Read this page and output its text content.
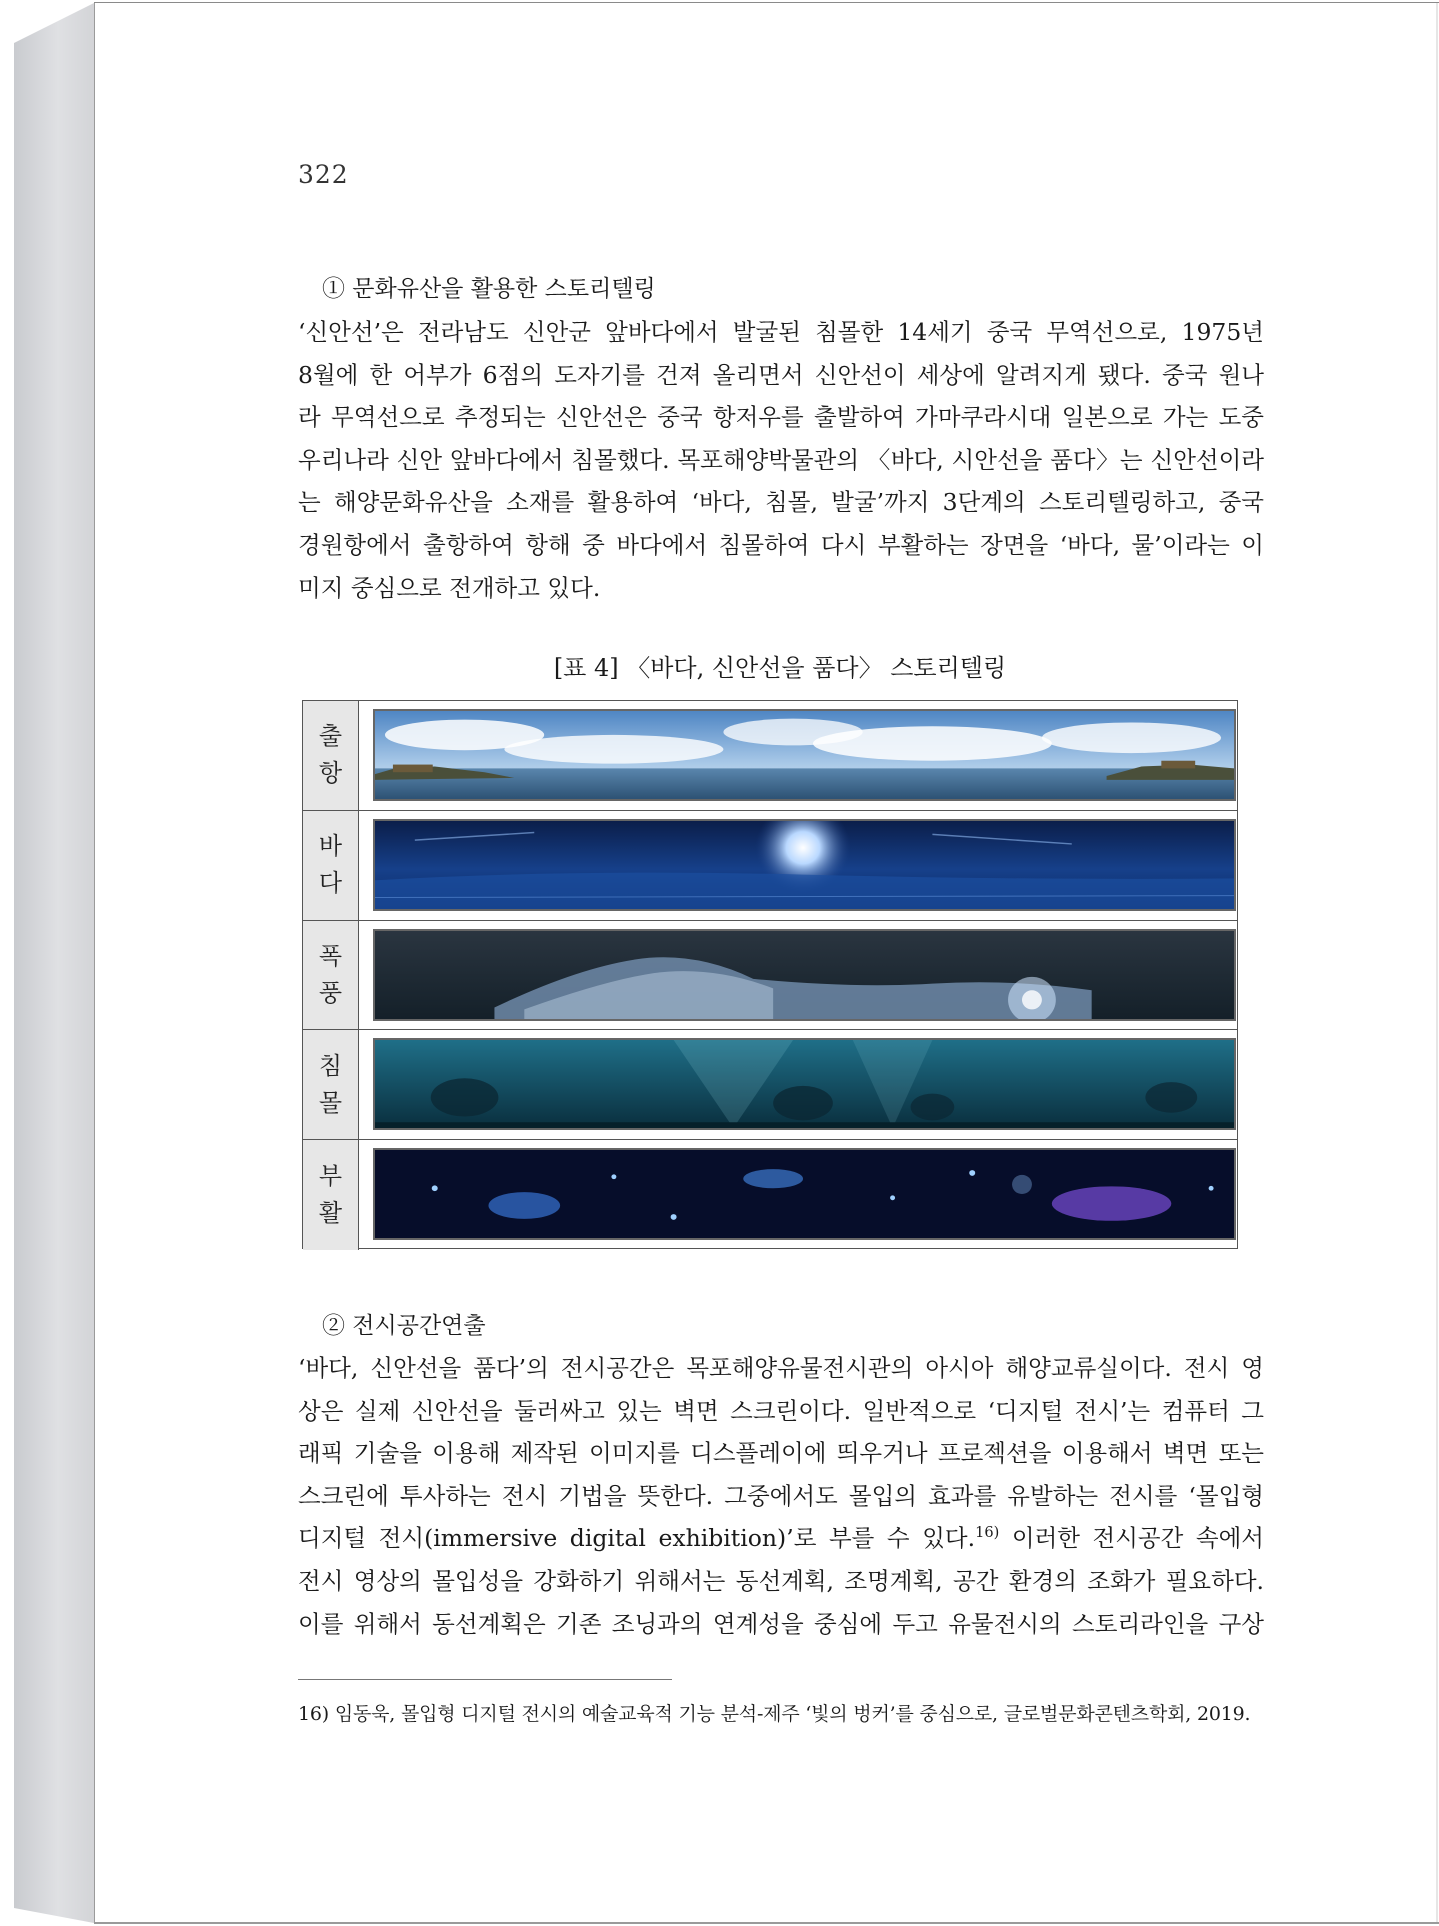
322
① 문화유산을 활용한 스토리텔링
‘신안선’은 전라남도 신안군 앞바다에서 발굴된 침몰한 14세기 중국 무역선으로, 1975년
8월에 한 어부가 6점의 도자기를 건져 올리면서 신안선이 세상에 알려지게 됐다. 중국 원나
라 무역선으로 추정되는 신안선은 중국 항저우를 출발하여 가마쿠라시대 일본으로 가는 도중
우리나라 신안 앞바다에서 침몰했다. 목포해양박물관의 〈바다, 시안선을 품다〉는 신안선이라
는 해양문화유산을 소재를 활용하여 ‘바다, 침몰, 발굴’까지 3단계의 스토리텔링하고, 중국
경원항에서 출항하여 항해 중 바다에서 침몰하여 다시 부활하는 장면을 ‘바다, 물’이라는 이
미지 중심으로 전개하고 있다.
[표 4] 〈바다, 신안선을 품다〉 스토리텔링
출
항
바
다
폭
풍
침
몰
부
활
② 전시공간연출
‘바다, 신안선을 품다’의 전시공간은 목포해양유물전시관의 아시아 해양교류실이다. 전시 영
상은 실제 신안선을 둘러싸고 있는 벽면 스크린이다. 일반적으로 ‘디지털 전시’는 컴퓨터 그
래픽 기술을 이용해 제작된 이미지를 디스플레이에 띄우거나 프로젝션을 이용해서 벽면 또는
스크린에 투사하는 전시 기법을 뜻한다. 그중에서도 몰입의 효과를 유발하는 전시를 ‘몰입형
디지털 전시(immersive digital exhibition)’로 부를 수 있다.$^{16)}$ 이러한 전시공간 속에서
전시 영상의 몰입성을 강화하기 위해서는 동선계획, 조명계획, 공간 환경의 조화가 필요하다.
이를 위해서 동선계획은 기존 조닝과의 연계성을 중심에 두고 유물전시의 스토리라인을 구상
16) 임동욱, 몰입형 디지털 전시의 예술교육적 기능 분석-제주 ‘빛의 벙커’를 중심으로, 글로벌문화콘텐츠학회, 2019.
